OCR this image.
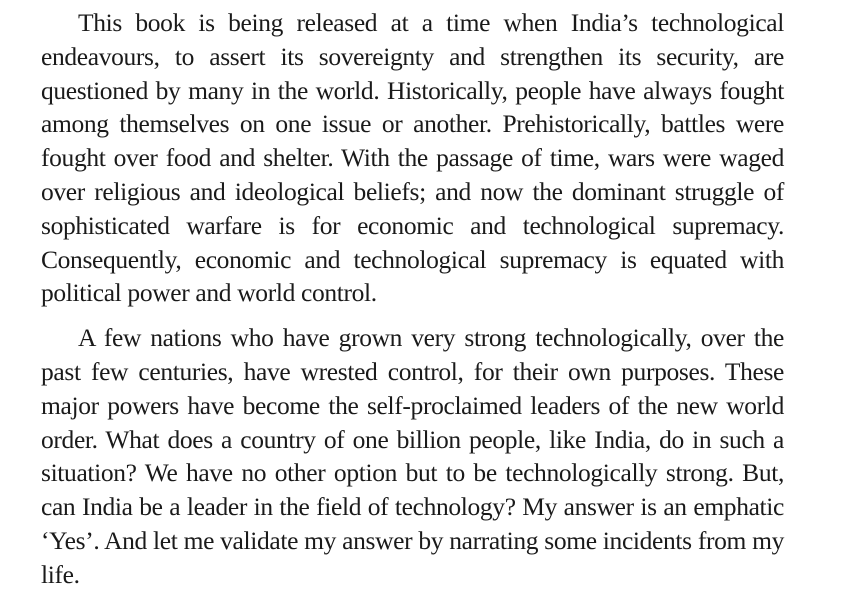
This book is being released at a time when India’s technological endeavours, to assert its sovereignty and strengthen its security, are questioned by many in the world. Historically, people have always fought among themselves on one issue or another. Prehistorically, battles were fought over food and shelter. With the passage of time, wars were waged over religious and ideological beliefs; and now the dominant struggle of sophisticated warfare is for economic and technological supremacy. Consequently, economic and technological supremacy is equated with political power and world control.

A few nations who have grown very strong technologically, over the past few centuries, have wrested control, for their own purposes. These major powers have become the self-proclaimed leaders of the new world order. What does a country of one billion people, like India, do in such a situation? We have no other option but to be technologically strong. But, can India be a leader in the field of technology? My answer is an emphatic ‘Yes’. And let me validate my answer by narrating some incidents from my life.
